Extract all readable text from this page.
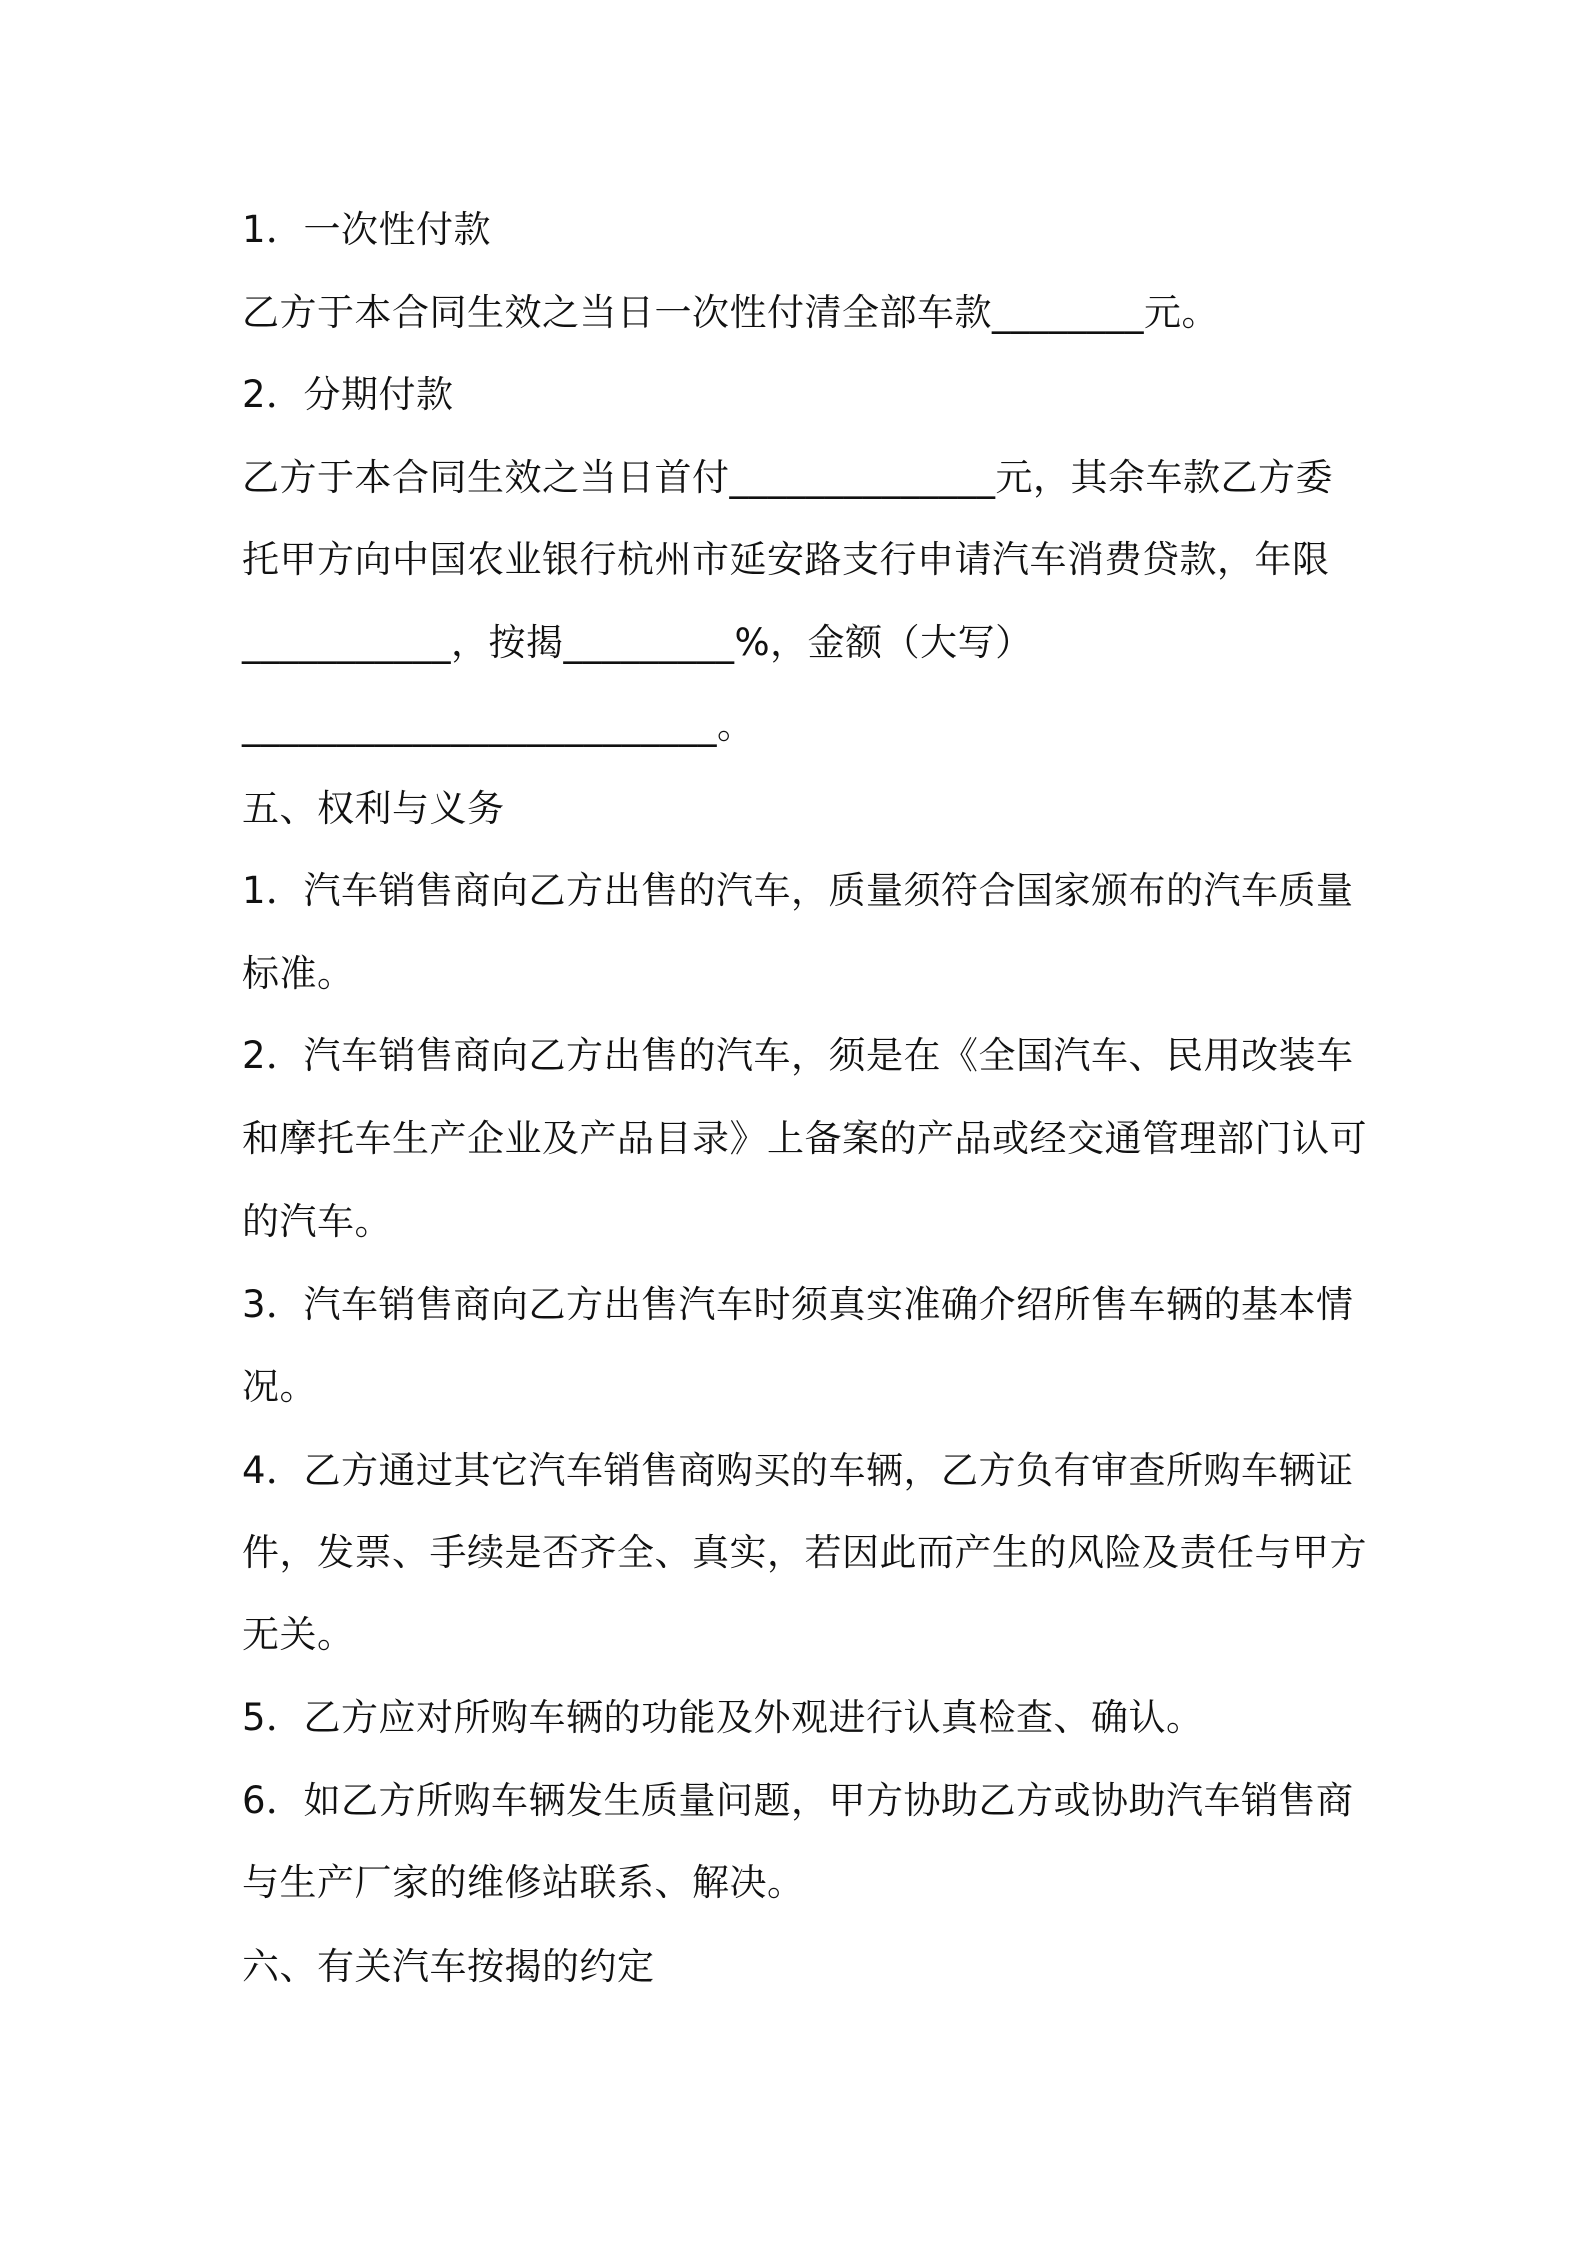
1．一次性付款
乙方于本合同生效之当日一次性付清全部车款________元。
2．分期付款
乙方于本合同生效之当日首付______________元，其余车款乙方委
托甲方向中国农业银行杭州市延安路支行申请汽车消费贷款，年限
___________，按揭_________%，金额（大写）
_________________________。
五、权利与义务
1．汽车销售商向乙方出售的汽车，质量须符合国家颁布的汽车质量
标准。
2．汽车销售商向乙方出售的汽车，须是在《全国汽车、民用改装车
和摩托车生产企业及产品目录》上备案的产品或经交通管理部门认可
的汽车。
3．汽车销售商向乙方出售汽车时须真实准确介绍所售车辆的基本情
况。
4．乙方通过其它汽车销售商购买的车辆，乙方负有审查所购车辆证
件，发票、手续是否齐全、真实，若因此而产生的风险及责任与甲方
无关。
5．乙方应对所购车辆的功能及外观进行认真检查、确认。
6．如乙方所购车辆发生质量问题，甲方协助乙方或协助汽车销售商
与生产厂家的维修站联系、解决。
六、有关汽车按揭的约定
